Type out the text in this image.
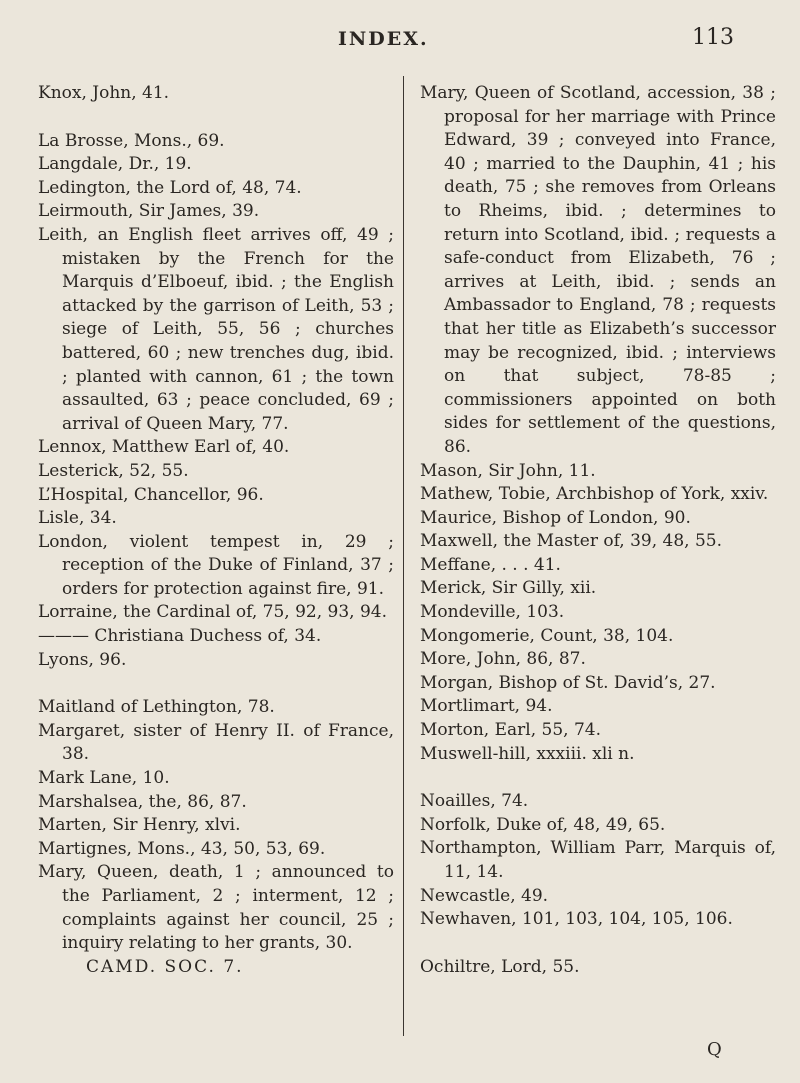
INDEX.	113

Knox, John, 41.

La Brosse, Mons., 69.

Langdale, Dr., 19.

Ledington, the Lord of, 48, 74.

Leirmouth, Sir James, 39.

Leith, an English fleet arrives off, 49 ; mistaken by the French for the Marquis d’Elboeuf, ibid. ; the English attacked by the garrison of Leith, 53 ; siege of Leith, 55, 56 ; churches battered, 60 ; new trenches dug, ibid. ; planted with cannon, 61 ; the town assaulted, 63 ; peace concluded, 69 ; arrival of Queen Mary, 77.

Lennox, Matthew Earl of, 40.

Lesterick, 52, 55.

L’Hospital, Chancellor, 96.

Lisle, 34.

London, violent tempest in, 29 ; reception of the Duke of Finland, 37 ; orders for protection against fire, 91.

Lorraine, the Cardinal of, 75, 92, 93, 94.

——— Christiana Duchess of, 34.

Lyons, 96.

Maitland of Lethington, 78.

Margaret, sister of Henry II. of France, 38.

Mark Lane, 10.

Marshalsea, the, 86, 87.

Marten, Sir Henry, xlvi.

Martignes, Mons., 43, 50, 53, 69.

Mary, Queen, death, 1 ; announced to the Parliament, 2 ; interment, 12 ; complaints against her council, 25 ; inquiry relating to her grants, 30.

CAMD. SOC. 7.

Mary, Queen of Scotland, accession, 38 ; proposal for her marriage with Prince Edward, 39 ; conveyed into France, 40 ; married to the Dauphin, 41 ; his death, 75 ; she removes from Orleans to Rheims, ibid. ; determines to return into Scotland, ibid. ; requests a safe-conduct from Elizabeth, 76 ; arrives at Leith, ibid. ; sends an Ambassador to England, 78 ; requests that her title as Elizabeth’s successor may be recognized, ibid. ; interviews on that subject, 78-85 ; commissioners appointed on both sides for settlement of the questions, 86.

Mason, Sir John, 11.

Mathew, Tobie, Archbishop of York, xxiv.

Maurice, Bishop of London, 90.

Maxwell, the Master of, 39, 48, 55.

Meffane, . . . 41.

Merick, Sir Gilly, xii.

Mondeville, 103.

Mongomerie, Count, 38, 104.

More, John, 86, 87.

Morgan, Bishop of St. David’s, 27.

Mortlimart, 94.

Morton, Earl, 55, 74.

Muswell-hill, xxxiii. xli n.

Noailles, 74.

Norfolk, Duke of, 48, 49, 65.

Northampton, William Parr, Marquis of, 11, 14.

Newcastle, 49.

Newhaven, 101, 103, 104, 105, 106.

Ochiltre, Lord, 55.

Q
